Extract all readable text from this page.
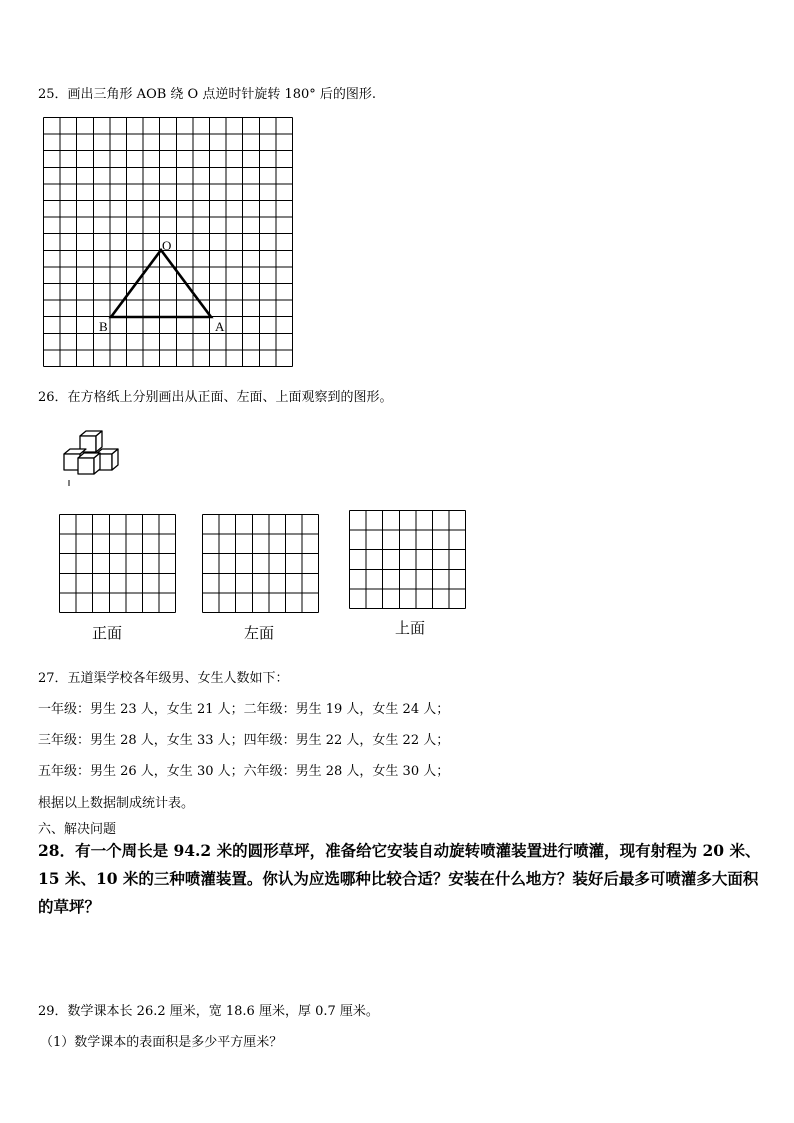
25．画出三角形 AOB 绕 O 点逆时针旋转 180° 后的图形.
O
B	A
26．在方格纸上分别画出从正面、左面、上面观察到的图形。
正面	左面	上面
27．五道渠学校各年级男、女生人数如下：
一年级：男生 23 人，女生 21 人；二年级：男生 19 人，女生 24 人；
三年级：男生 28 人，女生 33 人；四年级：男生 22 人，女生 22 人；
五年级：男生 26 人，女生 30 人；六年级：男生 28 人，女生 30 人；
根据以上数据制成统计表。
六、解决问题
28．有一个周长是 94.2 米的圆形草坪，准备给它安装自动旋转喷灌装置进行喷灌，现有射程为 20 米、15 米、10 米的三种喷灌装置。你认为应选哪种比较合适？安装在什么地方？装好后最多可喷灌多大面积的草坪？
29．数学课本长 26.2 厘米，宽 18.6 厘米，厚 0.7 厘米。
（1）数学课本的表面积是多少平方厘米？
